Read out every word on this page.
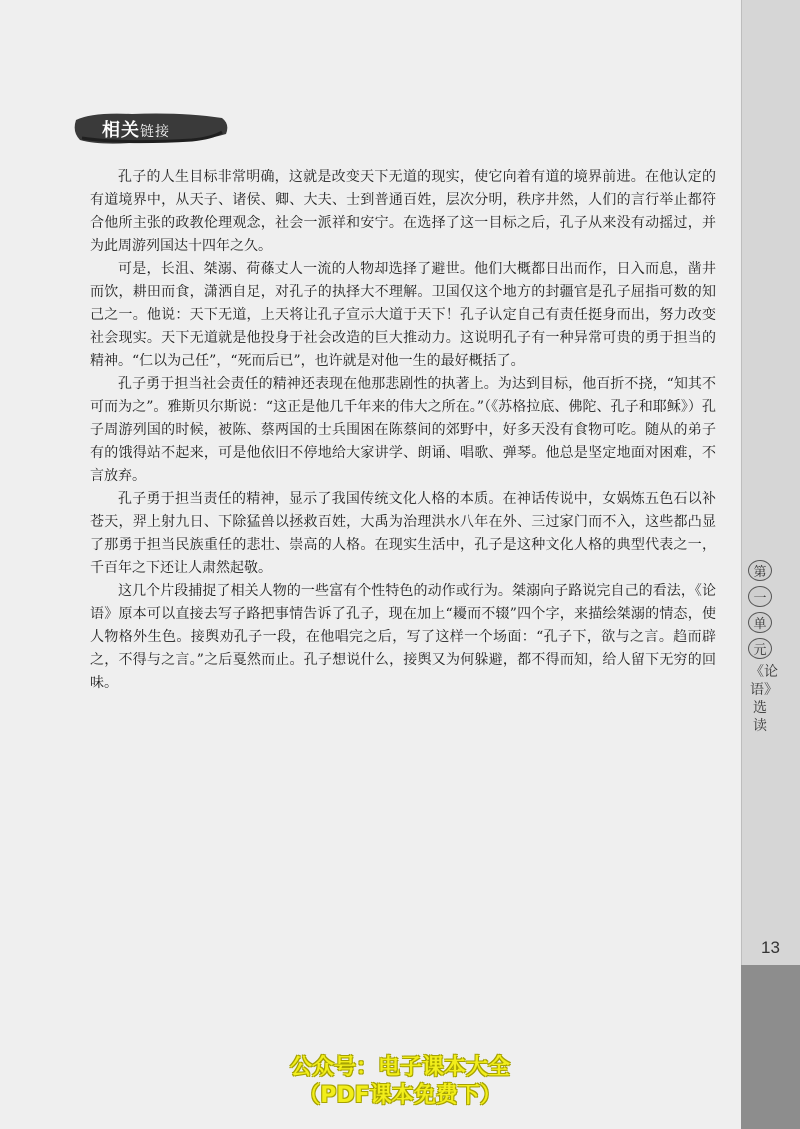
第
一
单
元
《论语》选读
13
相关链接

孔子的人生目标非常明确，这就是改变天下无道的现实，使它向着有道的境界前进。在他认定的有道境界中，从天子、诸侯、卿、大夫、士到普通百姓，层次分明，秩序井然，人们的言行举止都符合他所主张的政教伦理观念，社会一派祥和安宁。在选择了这一目标之后，孔子从来没有动摇过，并为此周游列国达十四年之久。

可是，长沮、桀溺、荷蓧丈人一流的人物却选择了避世。他们大概都日出而作，日入而息，凿井而饮，耕田而食，潇洒自足，对孔子的执择大不理解。卫国仅这个地方的封疆官是孔子屈指可数的知己之一。他说：天下无道，上天将让孔子宣示大道于天下！孔子认定自己有责任挺身而出，努力改变社会现实。天下无道就是他投身于社会改造的巨大推动力。这说明孔子有一种异常可贵的勇于担当的精神。“仁以为己任”，“死而后已”，也许就是对他一生的最好概括了。

孔子勇于担当社会责任的精神还表现在他那悲剧性的执著上。为达到目标，他百折不挠，“知其不可而为之”。雅斯贝尔斯说：“这正是他几千年来的伟大之所在。”（《苏格拉底、佛陀、孔子和耶稣》）孔子周游列国的时候，被陈、蔡两国的士兵围困在陈蔡间的郊野中，好多天没有食物可吃。随从的弟子有的饿得站不起来，可是他依旧不停地给大家讲学、朗诵、唱歌、弹琴。他总是坚定地面对困难，不言放弃。

孔子勇于担当责任的精神，显示了我国传统文化人格的本质。在神话传说中，女娲炼五色石以补苍天，羿上射九日、下除猛兽以拯救百姓，大禹为治理洪水八年在外、三过家门而不入，这些都凸显了那勇于担当民族重任的悲壮、崇高的人格。在现实生活中，孔子是这种文化人格的典型代表之一，千百年之下还让人肃然起敬。

这几个片段捕捉了相关人物的一些富有个性特色的动作或行为。桀溺向子路说完自己的看法，《论语》原本可以直接去写子路把事情告诉了孔子，现在加上“耰而不辍”四个字，来描绘桀溺的情态，使人物格外生色。接舆劝孔子一段，在他唱完之后，写了这样一个场面：“孔子下，欲与之言。趋而辟之，不得与之言。”之后戛然而止。孔子想说什么，接舆又为何躲避，都不得而知，给人留下无穷的回味。

公众号：电子课本大全
（PDF课本免费下）
